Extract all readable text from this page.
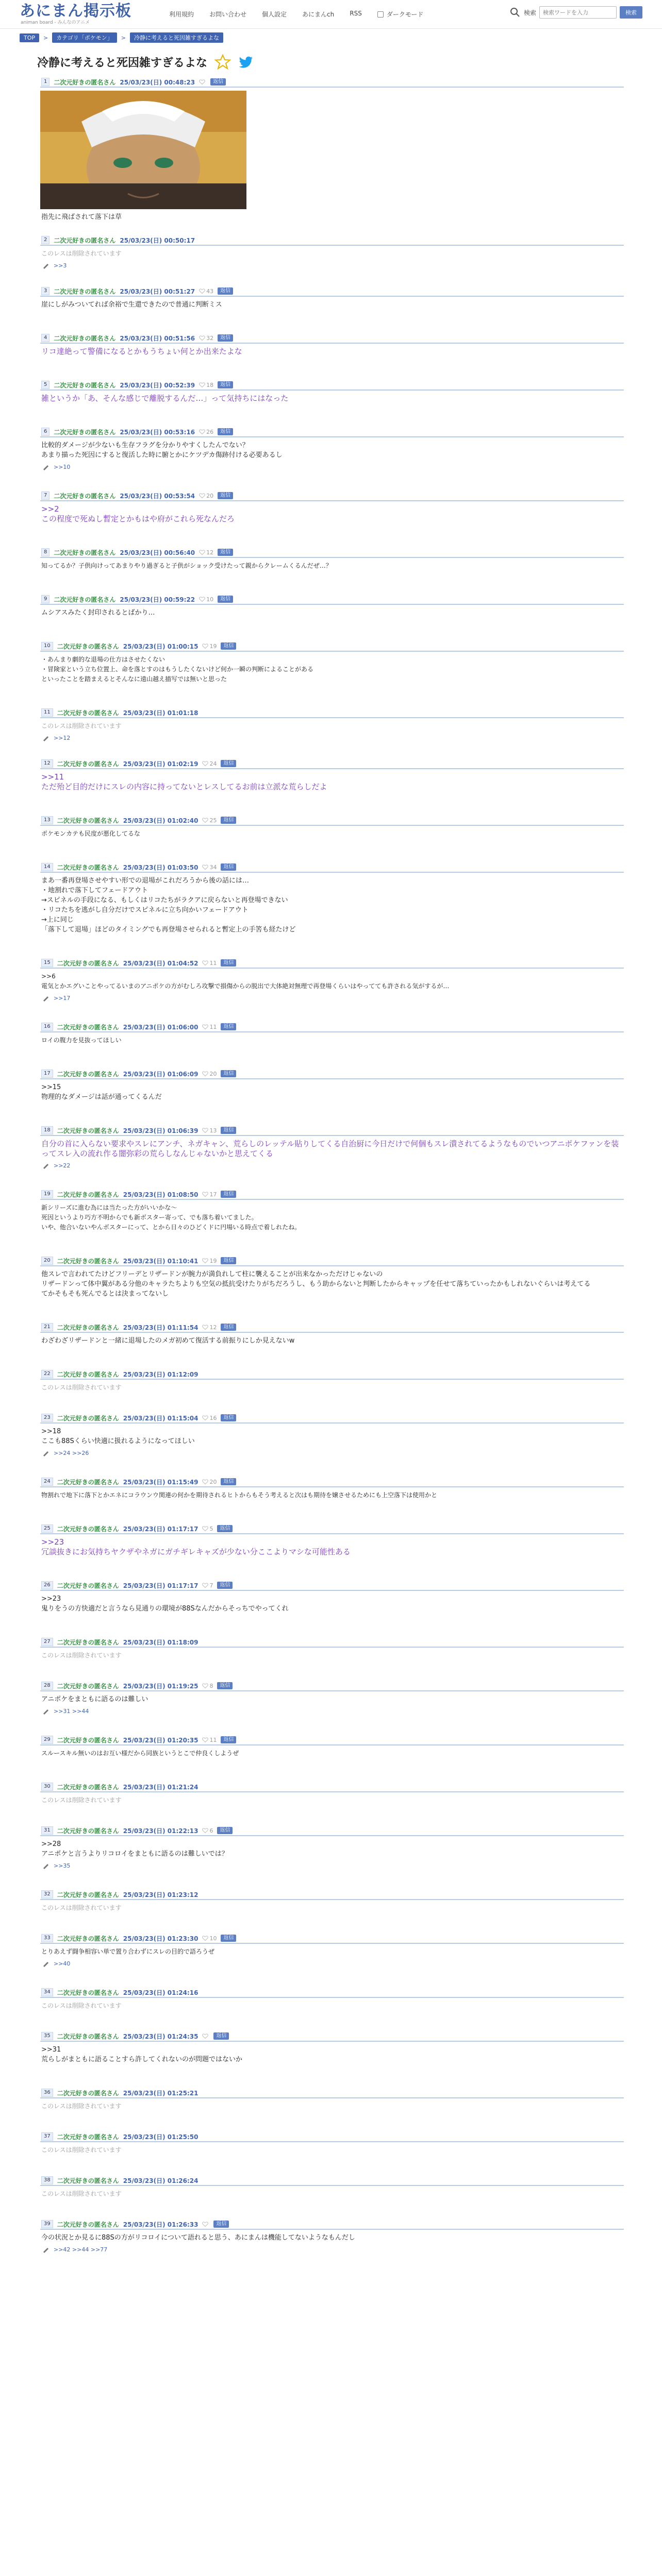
あにまん掲示板
animan board - みんなのアニメ
利用規約	お問い合わせ	個人設定	あにまんch	RSS	ダークモード	検索
検索ワードを入力	検索
TOP	>	カテゴリ「ポケモン」	>	冷静に考えると死因雑すぎるよな
冷静に考えると死因雑すぎるよな
1	二次元好きの匿名さん 25/03/23(日) 00:48:23	返信
指先に飛ばされて落下は草
2	二次元好きの匿名さん 25/03/23(日) 00:50:17
このレスは削除されています
>>3
3	二次元好きの匿名さん 25/03/23(日) 00:51:27 43	返信
崖にしがみついてれば余裕で生還できたので普通に判断ミス
4	二次元好きの匿名さん 25/03/23(日) 00:51:56 32	返信
リコ達絶って警備になるとかもうちょい何とか出来たよな
5	二次元好きの匿名さん 25/03/23(日) 00:52:39 18	返信
雑というか「あ、そんな感じで離脱するんだ…」って気持ちにはなった
6	二次元好きの匿名さん 25/03/23(日) 00:53:16 26	返信
比較的ダメージが少ないも生存フラグを分かりやすくしたんでない？
あまり描った死因にすると復活した時に腑とかにケツデカ傷跡付ける必要あるし
>>10
7	二次元好きの匿名さん 25/03/23(日) 00:53:54 20	返信
>>2
この程度で死ぬし暫定とかもはや府がこれら死なんだろ
8	二次元好きの匿名さん 25/03/23(日) 00:56:40 12	返信
知ってるか？子供向けってあまりやり過ぎると子供がショック受けたって親からクレームくるんだぜ…？
9	二次元好きの匿名さん 25/03/23(日) 00:59:22 10	返信
ムシアスみたく封印されるとばかり…
10	二次元好きの匿名さん 25/03/23(日) 01:00:15 19	返信
・あんまり劇的な退場の仕方はさせたくない
・冒険家という立ち位置上、命を落とすのはもうしたくないけど何か一瞬の判断によることがある
といったことを踏まえるとそんなに遠山越え描写では無いと思った
11	二次元好きの匿名さん 25/03/23(日) 01:01:18
このレスは削除されています
>>12
12	二次元好きの匿名さん 25/03/23(日) 01:02:19 24	返信
>>11
ただ殆ど目的だけにスレの内容に持ってないとレスしてるお前は立派な荒らしだよ
13	二次元好きの匿名さん 25/03/23(日) 01:02:40 25	返信
ポケモンカテも民度が悪化してるな
14	二次元好きの匿名さん 25/03/23(日) 01:03:50 34	返信
まあ一番再登場させやすい形での退場がこれだろうから後の話には…
・地割れで落下してフェードアウト
→スピネルの手段になる、もしくはリコたちがラクアに戻らないと再登場できない
・リコたちを逃がし自分だけでスピネルに立ち向かいフェードアウト
→上に同じ
「落下して退場」ほどのタイミングでも再登場させられると暫定上の手筈も経たけど
15	二次元好きの匿名さん 25/03/23(日) 01:04:52 11	返信
>>6
電気とかエグいことやってるいまのアニポケの方がむしろ攻撃で損傷からの脱出で大体絶対無理で再登場くらいはやってても許される気がするが…
>>17
16	二次元好きの匿名さん 25/03/23(日) 01:06:00 11	返信
ロイの腹力を見抜ってほしい
17	二次元好きの匿名さん 25/03/23(日) 01:06:09 20	返信
>>15
物理的なダメージは話が通ってくるんだ
18	二次元好きの匿名さん 25/03/23(日) 01:06:39 13	返信
自分の首に入らない要求やスレにアンチ、ネガキャン、荒らしのレッテル貼りしてくる自治厨に今日だけで何個もスレ潰されてるようなものでいつアニポケファンを装ってスレ入の流れ作る闇弥彩の荒らしなんじゃないかと思えてくる
>>22
19	二次元好きの匿名さん 25/03/23(日) 01:08:50 17	返信
新シリーズに進む為には当たった方がいいかな～
死因というより巧方不明からでも新ボスター寄って、でも落ち着いてました。
いや、他合いないやんボスターにって、とから日々のひどくドに円場いる時点で着しれたね。
20	二次元好きの匿名さん 25/03/23(日) 01:10:41 19	返信
他スレで言われてたけどフリーデとリザードンが腕力が満負れして柱に襲えることが出来なかっただけじゃないの
リザードンって体中翼がある分他のキャラたちよりも空気の抵抗受けたりがちだろうし、もう助からないと判断したからキャップを任せて落ちていったかもしれないぐらいは考えてる
てかそもそも死んでるとは決まってないし
21	二次元好きの匿名さん 25/03/23(日) 01:11:54 12	返信
わざわざリザードンと一緒に退場したのメガ初めて復活する前振りにしか見えないw
22	二次元好きの匿名さん 25/03/23(日) 01:12:09
このレスは削除されています
23	二次元好きの匿名さん 25/03/23(日) 01:15:04 16	返信
>>18
ここも88Sくらい快適に扱れるようになってほしい
>>24 >>26
24	二次元好きの匿名さん 25/03/23(日) 01:15:49 20	返信
物割れで地下に落下とかエネにコラウンウ関連の何かを期待されるヒトからもそう考えると次はも期待を嬢させるためにも上空落下は使用かと
25	二次元好きの匿名さん 25/03/23(日) 01:17:17 5	返信
>>23
冗談抜きにお気持ちヤクザやネガにガチギレキャズが少ない分ここよりマシな可能性ある
26	二次元好きの匿名さん 25/03/23(日) 01:17:17 7	返信
>>23
鬼りをうの方快適だと言うなら見通りの環境が88Sなんだからそっちでやってくれ
27	二次元好きの匿名さん 25/03/23(日) 01:18:09
このレスは削除されています
28	二次元好きの匿名さん 25/03/23(日) 01:19:25 8	返信
アニポケをまともに語るのは難しい
>>31 >>44
29	二次元好きの匿名さん 25/03/23(日) 01:20:35 11	返信
スルースキル無いのはお互い様だから同族というとこで仲良くしようぜ
30	二次元好きの匿名さん 25/03/23(日) 01:21:24
このレスは削除されています
31	二次元好きの匿名さん 25/03/23(日) 01:22:13 6	返信
>>28
アニポケと言うよりリコロイをまともに語るのは難しいでは？
>>35
32	二次元好きの匿名さん 25/03/23(日) 01:23:12
このレスは削除されています
33	二次元好きの匿名さん 25/03/23(日) 01:23:30 10	返信
とりあえず闘争相容い単で置り合わずにスレの目的で語ろうぜ
>>40
34	二次元好きの匿名さん 25/03/23(日) 01:24:16
このレスは削除されています
35	二次元好きの匿名さん 25/03/23(日) 01:24:35	返信
>>31
荒らしがまともに語ることすら許してくれないのが問題ではないか
36	二次元好きの匿名さん 25/03/23(日) 01:25:21
このレスは削除されています
37	二次元好きの匿名さん 25/03/23(日) 01:25:50
このレスは削除されています
38	二次元好きの匿名さん 25/03/23(日) 01:26:24
このレスは削除されています
39	二次元好きの匿名さん 25/03/23(日) 01:26:33	返信
今の状況とか見るに88Sの方がリコロイについて語れると思う、あにまんは機能してないようなもんだし
>>42 >>44 >>77
